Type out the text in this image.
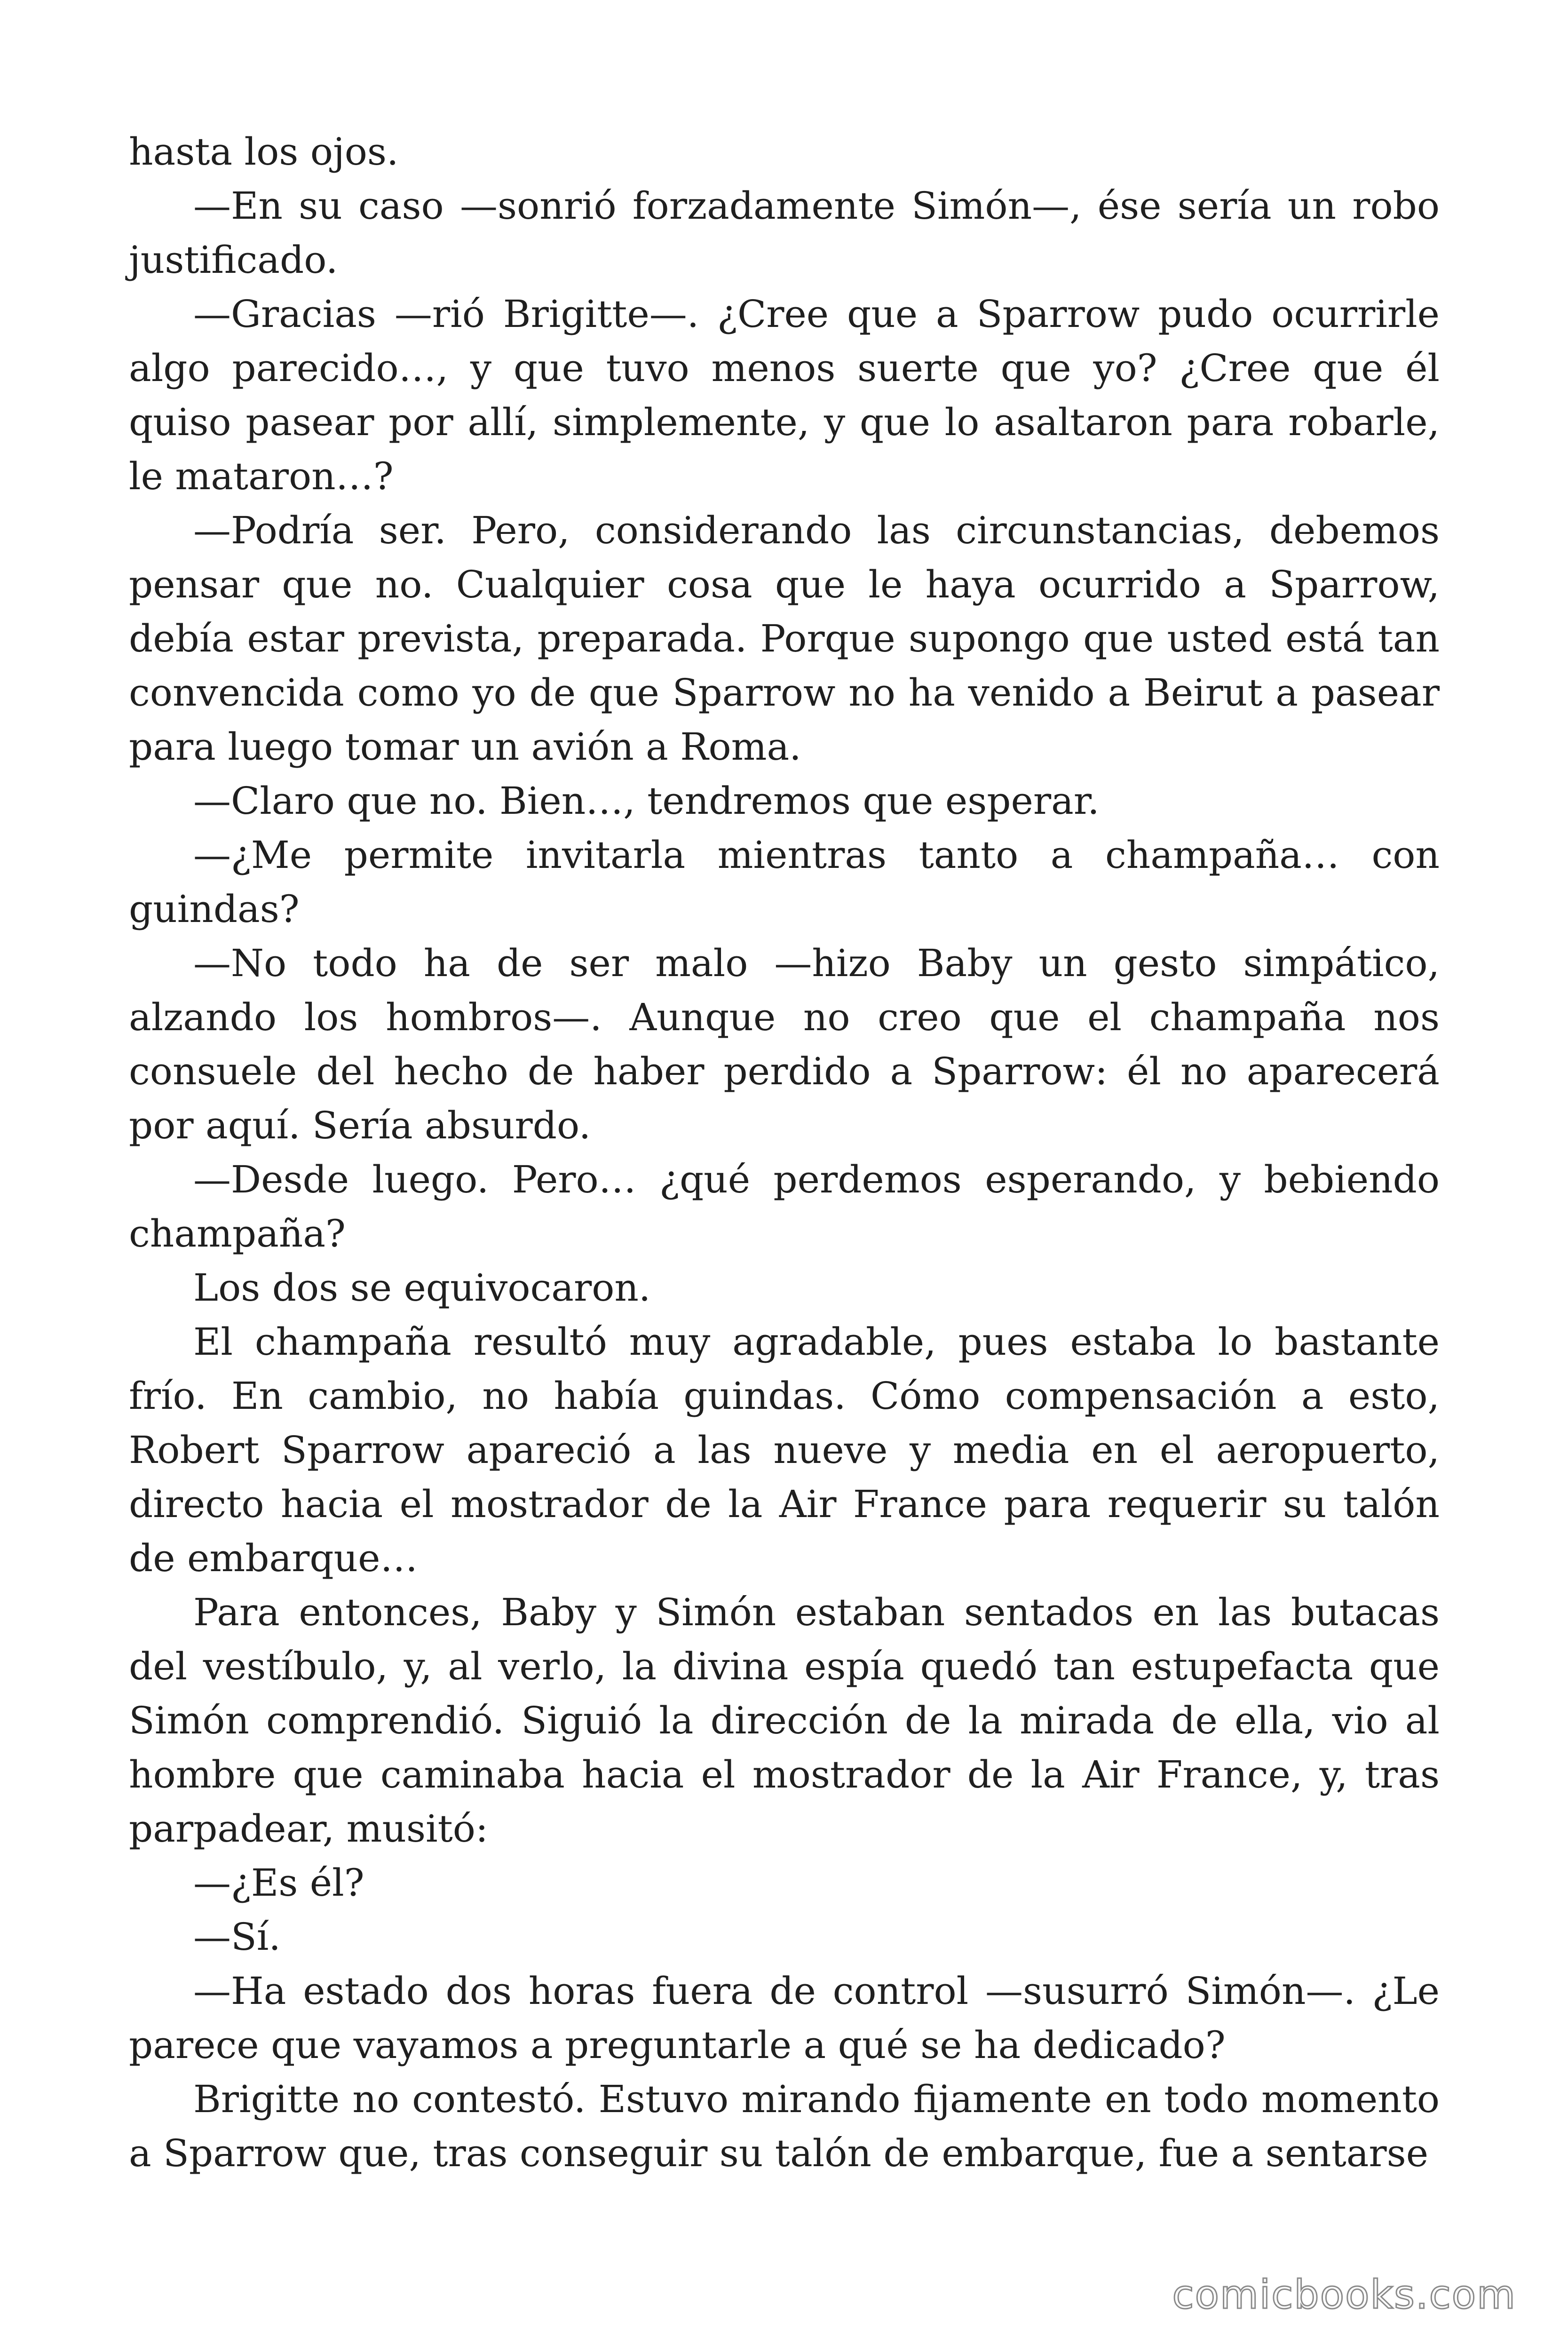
hasta los ojos.

—En su caso —sonrió forzadamente Simón—, ése sería un robo justificado.

—Gracias —rió Brigitte—. ¿Cree que a Sparrow pudo ocurrirle algo parecido…, y que tuvo menos suerte que yo? ¿Cree que él quiso pasear por allí, simplemente, y que lo asaltaron para robarle, le mataron…?

—Podría ser. Pero, considerando las circunstancias, debemos pensar que no. Cualquier cosa que le haya ocurrido a Sparrow, debía estar prevista, preparada. Porque supongo que usted está tan convencida como yo de que Sparrow no ha venido a Beirut a pasear para luego tomar un avión a Roma.

—Claro que no. Bien…, tendremos que esperar.

—¿Me permite invitarla mientras tanto a champaña… con guindas?

—No todo ha de ser malo —hizo Baby un gesto simpático, alzando los hombros—. Aunque no creo que el champaña nos consuele del hecho de haber perdido a Sparrow: él no aparecerá por aquí. Sería absurdo.

—Desde luego. Pero… ¿qué perdemos esperando, y bebiendo champaña?

Los dos se equivocaron.

El champaña resultó muy agradable, pues estaba lo bastante frío. En cambio, no había guindas. Cómo compensación a esto, Robert Sparrow apareció a las nueve y media en el aeropuerto, directo hacia el mostrador de la Air France para requerir su talón de embarque…

Para entonces, Baby y Simón estaban sentados en las butacas del vestíbulo, y, al verlo, la divina espía quedó tan estupefacta que Simón comprendió. Siguió la dirección de la mirada de ella, vio al hombre que caminaba hacia el mostrador de la Air France, y, tras parpadear, musitó:

—¿Es él?

—Sí.

—Ha estado dos horas fuera de control —susurró Simón—. ¿Le parece que vayamos a preguntarle a qué se ha dedicado?

Brigitte no contestó. Estuvo mirando fijamente en todo momento a Sparrow que, tras conseguir su talón de embarque, fue a sentarse

comicbooks.com
